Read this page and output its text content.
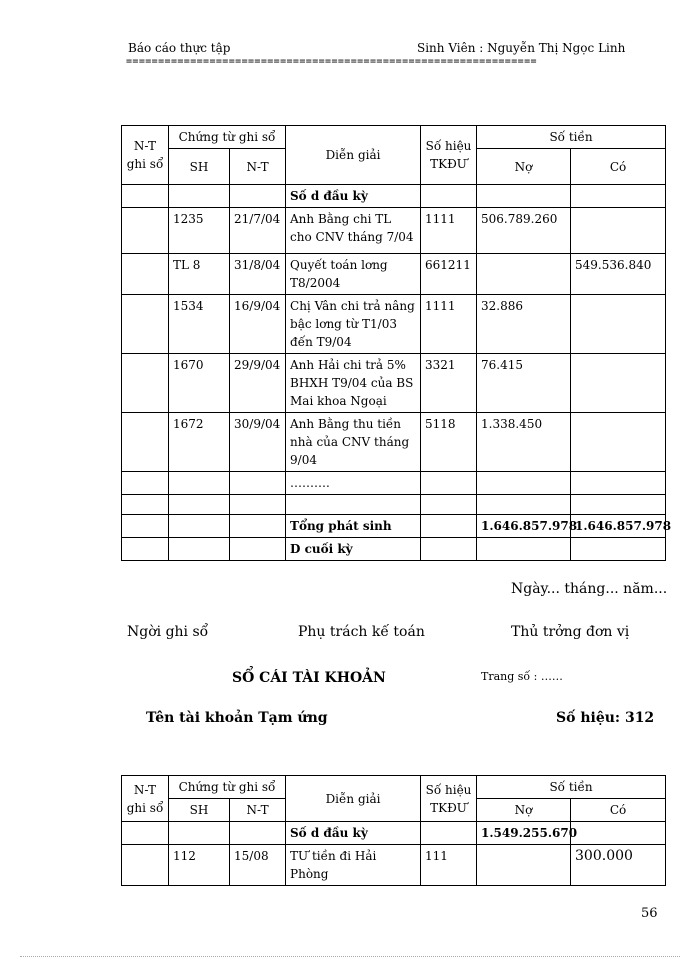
Báo cáo thực tập	Sinh Viên : Nguyễn Thị Ngọc Linh
================================================================
N-T ghi sổ	Chứng từ ghi sổ		Diễn giải	Số hiệu TKĐƯ	Số tiền	
	SH	N-T			Nợ	Có
			Số d đầu kỳ			
	1235	21/7/04	Anh Bằng chi TL cho CNV tháng 7/04	1111	506.789.260	
	TL 8	31/8/04	Quyết toán lơng T8/2004	661211		549.536.840
	1534	16/9/04	Chị Vân chi trả nâng bậc lơng từ T1/03 đến T9/04	1111	32.886	
	1670	29/9/04	Anh Hải chi trả 5% BHXH T9/04 của BS Mai khoa Ngoại	3321	76.415	
	1672	30/9/04	Anh Bằng thu tiền nhà của CNV tháng 9/04	5118	1.338.450	
			……….			

			Tổng phát sinh		1.646.857.978	1.646.857.978
			D cuối kỳ			
Ngày... tháng... năm...
Ngời ghi sổ	Phụ trách kế toán	Thủ trởng đơn vị
SỔ CÁI TÀI KHOẢN	Trang số : ……
Tên tài khoản Tạm ứng	Số hiệu: 312
N-T ghi sổ	Chứng từ ghi sổ		Diễn giải	Số hiệu TKĐƯ	Số tiền	
	SH	N-T			Nợ	Có
			Số d đầu kỳ		1.549.255.670	
	112	15/08	TƯ tiền đi Hải Phòng	111		300.000
56
